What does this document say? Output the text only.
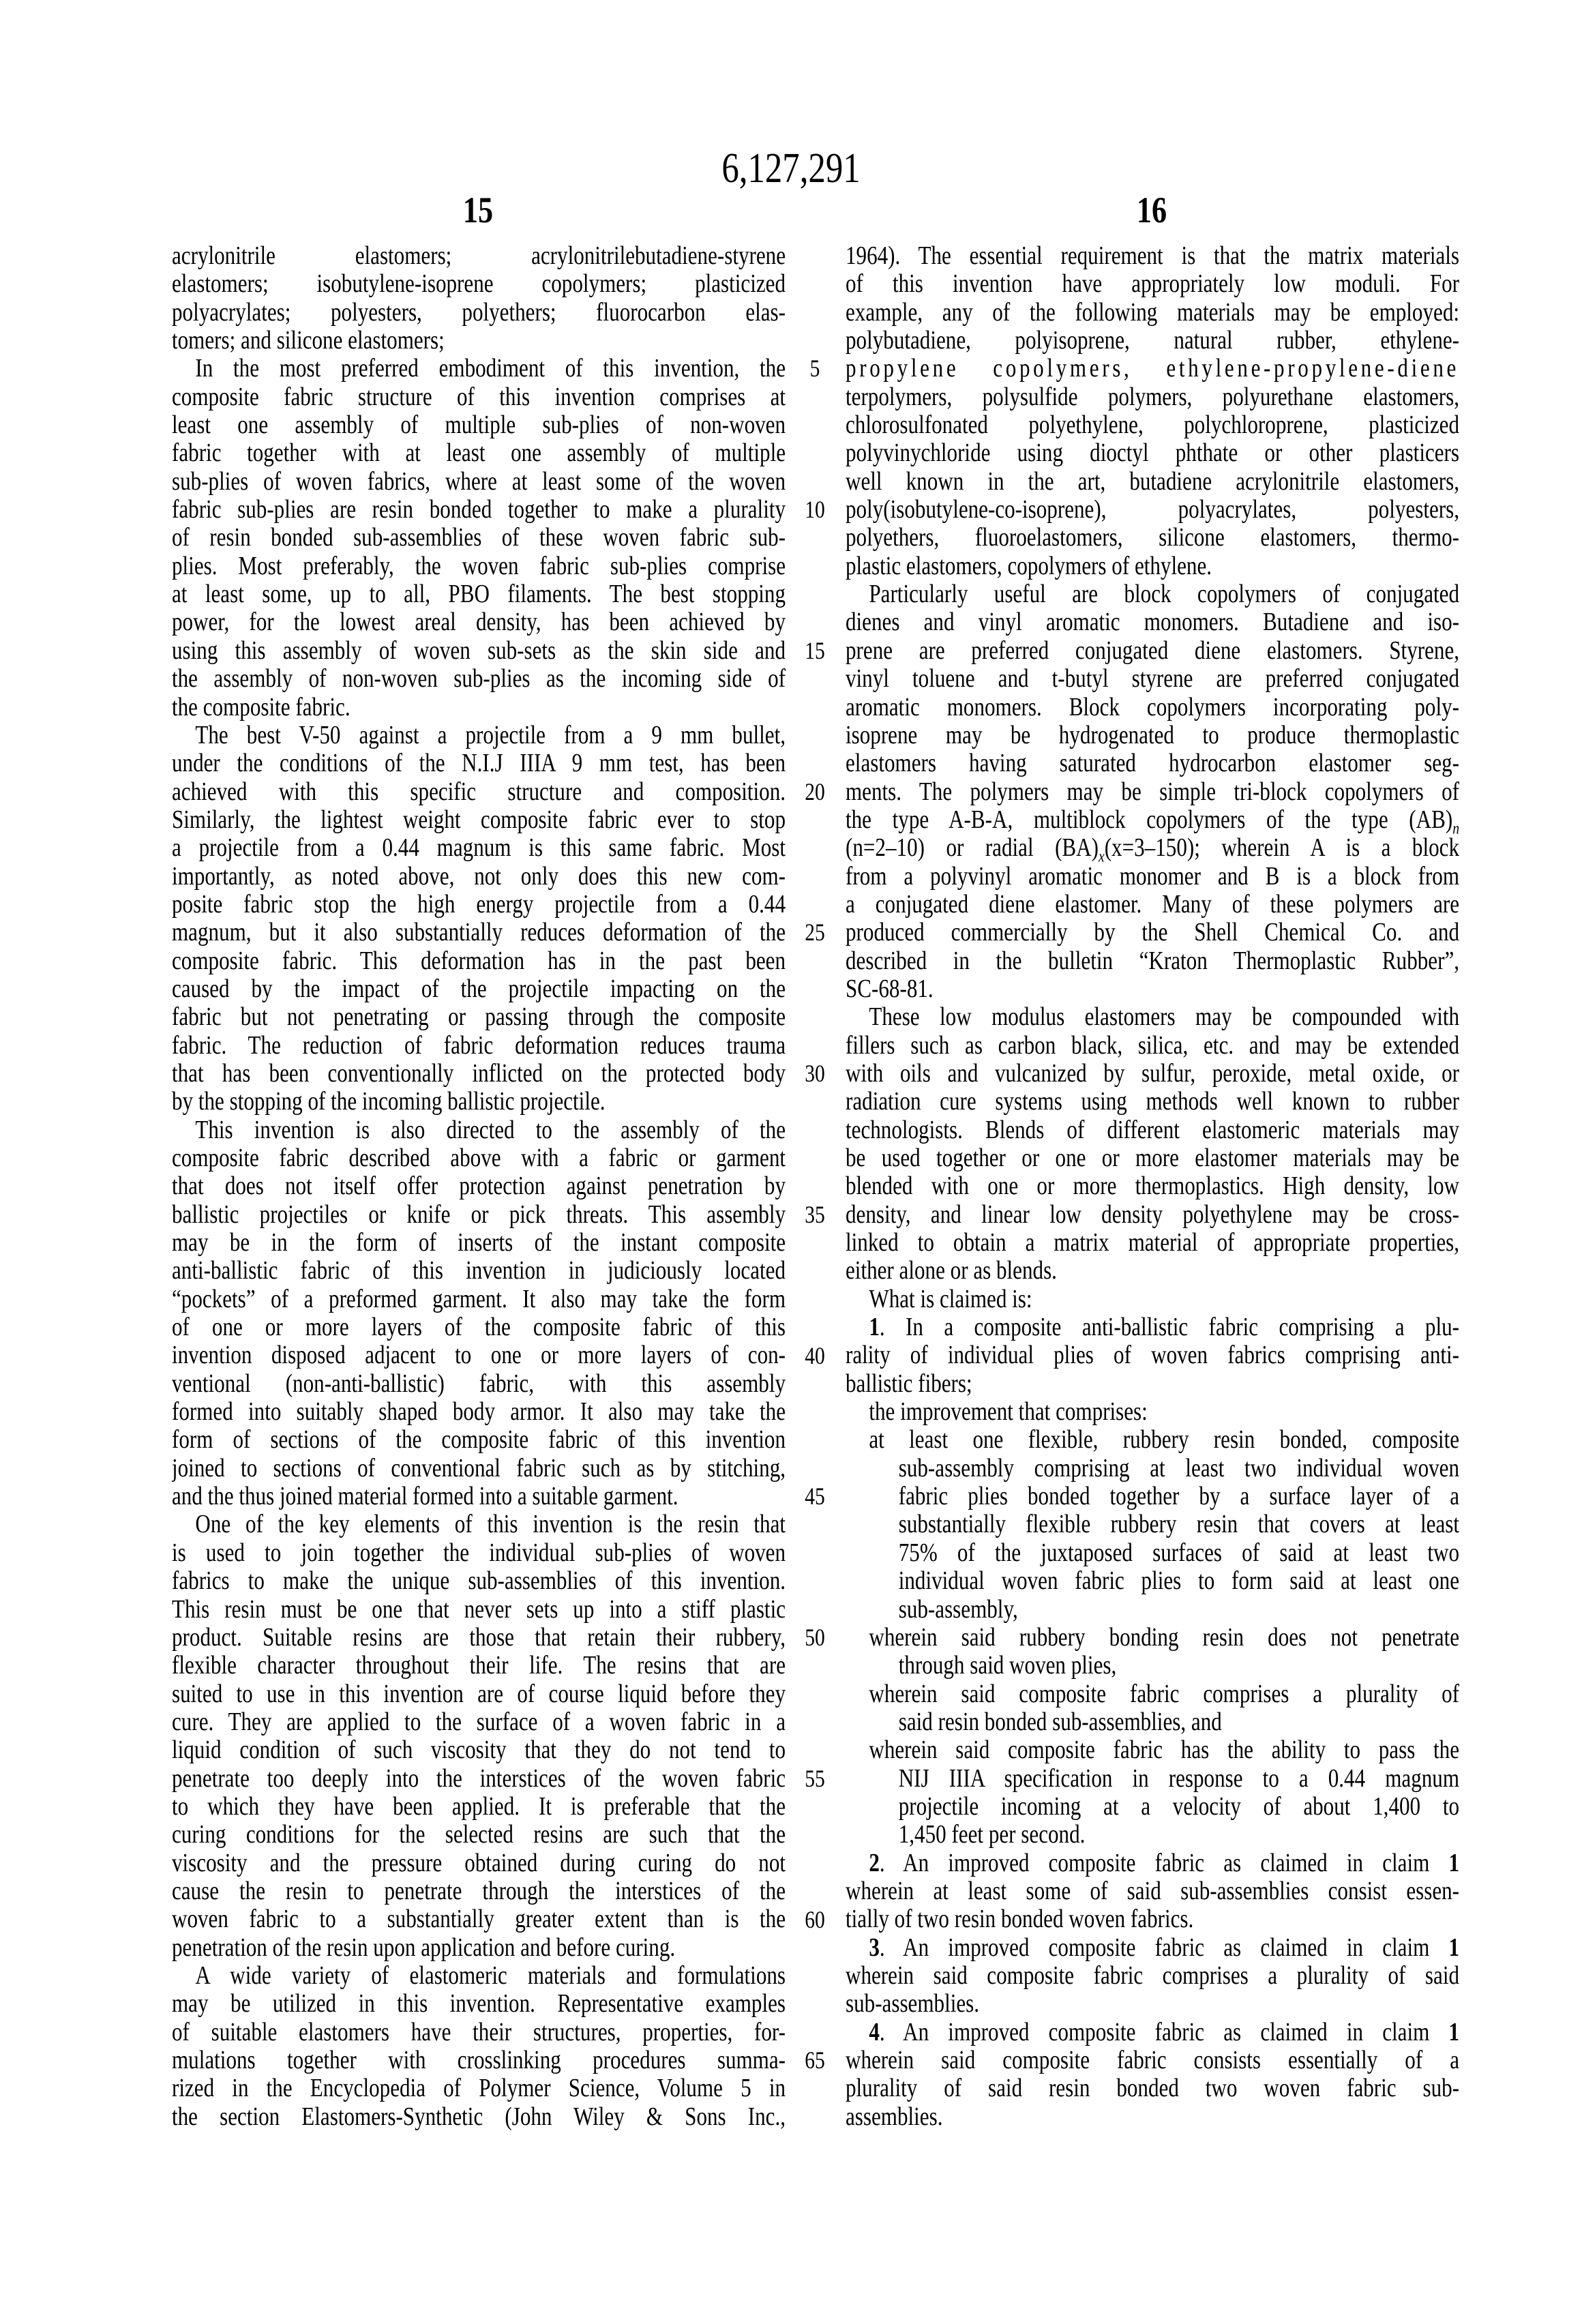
6,127,291
15	16
acrylonitrile elastomers; acrylonitrilebutadiene-styrene
elastomers; isobutylene-isoprene copolymers; plasticized
polyacrylates; polyesters, polyethers; fluorocarbon elas-
tomers; and silicone elastomers;
In the most preferred embodiment of this invention, the
composite fabric structure of this invention comprises at
least one assembly of multiple sub-plies of non-woven
fabric together with at least one assembly of multiple
sub-plies of woven fabrics, where at least some of the woven
fabric sub-plies are resin bonded together to make a plurality
of resin bonded sub-assemblies of these woven fabric sub-
plies. Most preferably, the woven fabric sub-plies comprise
at least some, up to all, PBO filaments. The best stopping
power, for the lowest areal density, has been achieved by
using this assembly of woven sub-sets as the skin side and
the assembly of non-woven sub-plies as the incoming side of
the composite fabric.
The best V-50 against a projectile from a 9 mm bullet,
under the conditions of the N.I.J IIIA 9 mm test, has been
achieved with this specific structure and composition.
Similarly, the lightest weight composite fabric ever to stop
a projectile from a 0.44 magnum is this same fabric. Most
importantly, as noted above, not only does this new com-
posite fabric stop the high energy projectile from a 0.44
magnum, but it also substantially reduces deformation of the
composite fabric. This deformation has in the past been
caused by the impact of the projectile impacting on the
fabric but not penetrating or passing through the composite
fabric. The reduction of fabric deformation reduces trauma
that has been conventionally inflicted on the protected body
by the stopping of the incoming ballistic projectile.
This invention is also directed to the assembly of the
composite fabric described above with a fabric or garment
that does not itself offer protection against penetration by
ballistic projectiles or knife or pick threats. This assembly
may be in the form of inserts of the instant composite
anti-ballistic fabric of this invention in judiciously located
“pockets” of a preformed garment. It also may take the form
of one or more layers of the composite fabric of this
invention disposed adjacent to one or more layers of con-
ventional (non-anti-ballistic) fabric, with this assembly
formed into suitably shaped body armor. It also may take the
form of sections of the composite fabric of this invention
joined to sections of conventional fabric such as by stitching,
and the thus joined material formed into a suitable garment.
One of the key elements of this invention is the resin that
is used to join together the individual sub-plies of woven
fabrics to make the unique sub-assemblies of this invention.
This resin must be one that never sets up into a stiff plastic
product. Suitable resins are those that retain their rubbery,
flexible character throughout their life. The resins that are
suited to use in this invention are of course liquid before they
cure. They are applied to the surface of a woven fabric in a
liquid condition of such viscosity that they do not tend to
penetrate too deeply into the interstices of the woven fabric
to which they have been applied. It is preferable that the
curing conditions for the selected resins are such that the
viscosity and the pressure obtained during curing do not
cause the resin to penetrate through the interstices of the
woven fabric to a substantially greater extent than is the
penetration of the resin upon application and before curing.
A wide variety of elastomeric materials and formulations
may be utilized in this invention. Representative examples
of suitable elastomers have their structures, properties, for-
mulations together with crosslinking procedures summa-
rized in the Encyclopedia of Polymer Science, Volume 5 in
the section Elastomers-Synthetic (John Wiley & Sons Inc.,
1964). The essential requirement is that the matrix materials
of this invention have appropriately low moduli. For
example, any of the following materials may be employed:
polybutadiene, polyisoprene, natural rubber, ethylene-
propylene copolymers, ethylene-propylene-diene
terpolymers, polysulfide polymers, polyurethane elastomers,
chlorosulfonated polyethylene, polychloroprene, plasticized
polyvinychloride using dioctyl phthate or other plasticers
well known in the art, butadiene acrylonitrile elastomers,
poly(isobutylene-co-isoprene), polyacrylates, polyesters,
polyethers, fluoroelastomers, silicone elastomers, thermo-
plastic elastomers, copolymers of ethylene.
Particularly useful are block copolymers of conjugated
dienes and vinyl aromatic monomers. Butadiene and iso-
prene are preferred conjugated diene elastomers. Styrene,
vinyl toluene and t-butyl styrene are preferred conjugated
aromatic monomers. Block copolymers incorporating poly-
isoprene may be hydrogenated to produce thermoplastic
elastomers having saturated hydrocarbon elastomer seg-
ments. The polymers may be simple tri-block copolymers of
the type A-B-A, multiblock copolymers of the type $(AB)_n$
(n=2–10) or radial $(BA)_x(x=3-150)$; wherein A is a block
from a polyvinyl aromatic monomer and B is a block from
a conjugated diene elastomer. Many of these polymers are
produced commercially by the Shell Chemical Co. and
described in the bulletin “Kraton Thermoplastic Rubber”,
SC-68-81.
These low modulus elastomers may be compounded with
fillers such as carbon black, silica, etc. and may be extended
with oils and vulcanized by sulfur, peroxide, metal oxide, or
radiation cure systems using methods well known to rubber
technologists. Blends of different elastomeric materials may
be used together or one or more elastomer materials may be
blended with one or more thermoplastics. High density, low
density, and linear low density polyethylene may be cross-
linked to obtain a matrix material of appropriate properties,
either alone or as blends.
What is claimed is:
1. In a composite anti-ballistic fabric comprising a plu-
rality of individual plies of woven fabrics comprising anti-
ballistic fibers;
the improvement that comprises:
at least one flexible, rubbery resin bonded, composite
sub-assembly comprising at least two individual woven
fabric plies bonded together by a surface layer of a
substantially flexible rubbery resin that covers at least
75% of the juxtaposed surfaces of said at least two
individual woven fabric plies to form said at least one
sub-assembly,
wherein said rubbery bonding resin does not penetrate
through said woven plies,
wherein said composite fabric comprises a plurality of
said resin bonded sub-assemblies, and
wherein said composite fabric has the ability to pass the
NIJ IIIA specification in response to a 0.44 magnum
projectile incoming at a velocity of about 1,400 to
1,450 feet per second.
2. An improved composite fabric as claimed in claim 1
wherein at least some of said sub-assemblies consist essen-
tially of two resin bonded woven fabrics.
3. An improved composite fabric as claimed in claim 1
wherein said composite fabric comprises a plurality of said
sub-assemblies.
4. An improved composite fabric as claimed in claim 1
wherein said composite fabric consists essentially of a
plurality of said resin bonded two woven fabric sub-
assemblies.
5
10
15
20
25
30
35
40
45
50
55
60
65
